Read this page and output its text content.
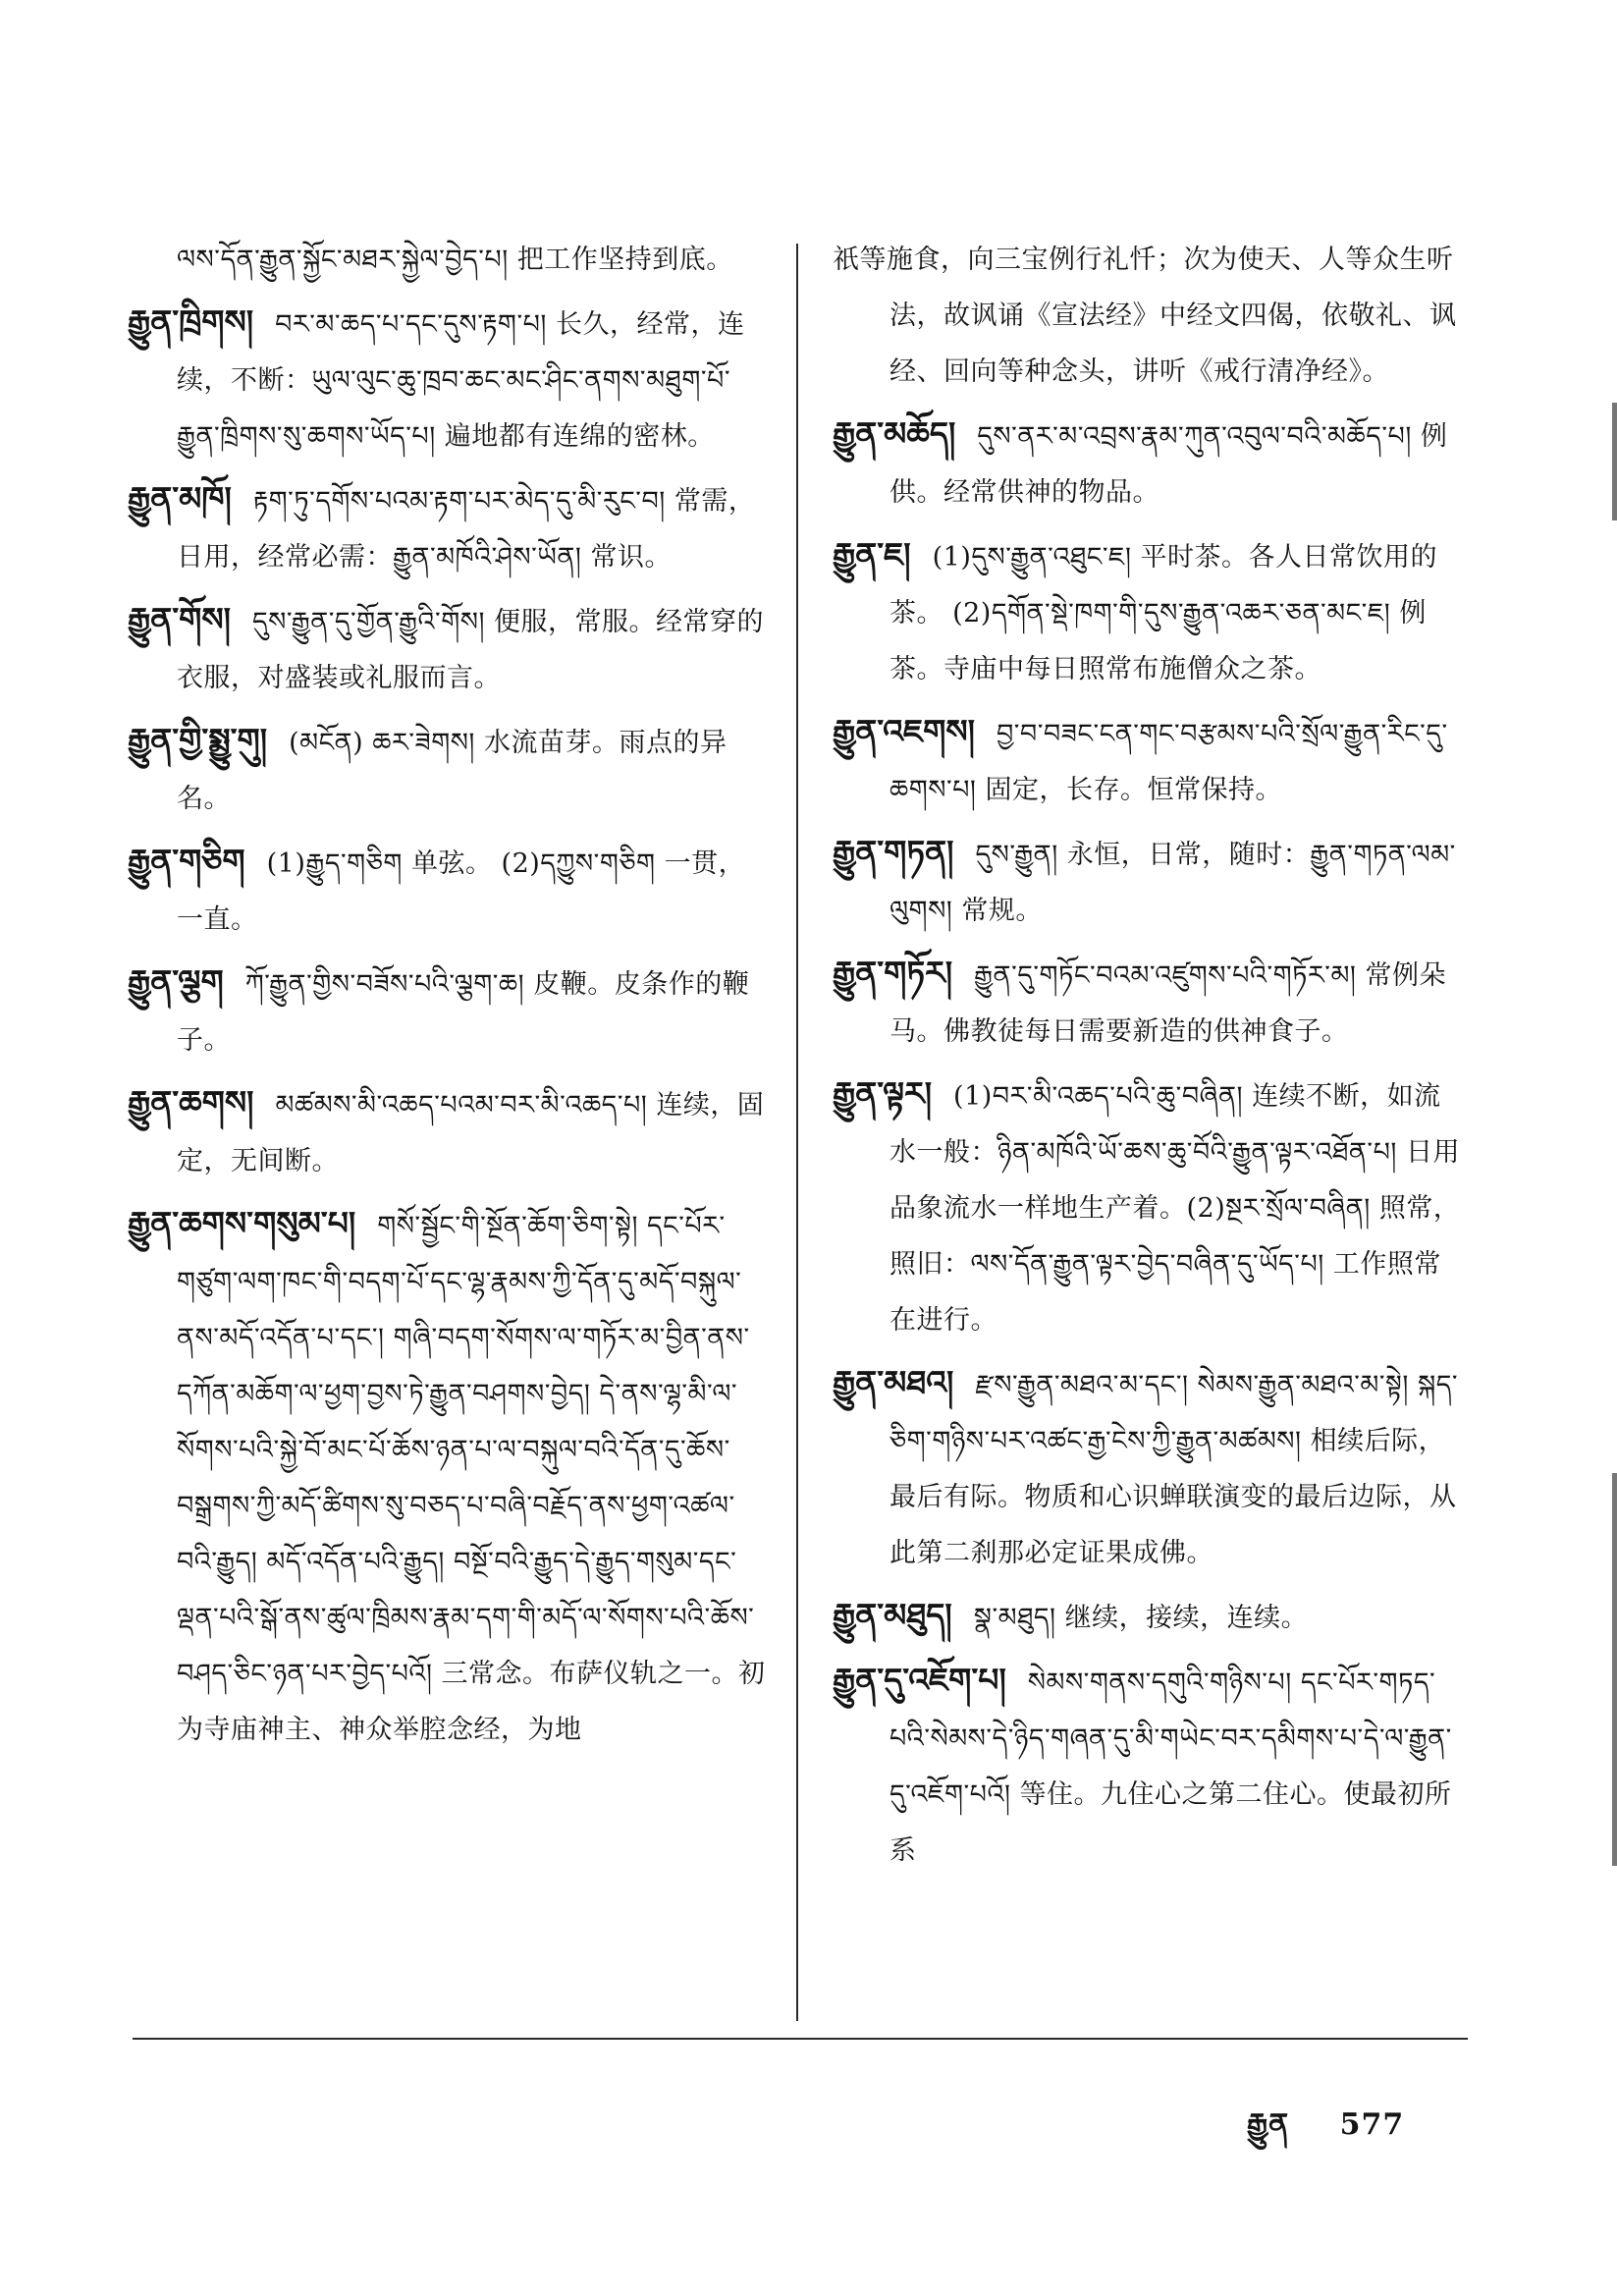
ལས་དོན་རྒྱུན་སྐྱོང་མཐར་སྐྱེལ་བྱེད་པ། 把工作坚持到底。
རྒྱུན་ཁྲིགས། བར་མ་ཆད་པ་དང་དུས་རྟག་པ། 长久，经常，连续，不断：ཡུལ་ལུང་ཆུ་ཁྲབ་ཆང་མང་ཤིང་ནགས་མཐུག་པོ་རྒྱུན་ཁྲིགས་སུ་ཆགས་ཡོད་པ། 遍地都有连绵的密林。
རྒྱུན་མཁོ། རྟག་ཏུ་དགོས་པའམ་རྟག་པར་མེད་དུ་མི་རུང་བ། 常需，日用，经常必需：རྒྱུན་མཁོའི་ཤེས་ཡོན། 常识。
རྒྱུན་གོས། དུས་རྒྱུན་དུ་གྱོན་རྒྱུའི་གོས། 便服，常服。经常穿的衣服，对盛装或礼服而言。
རྒྱུན་གྱི་སྨྱུ་གུ། (མངོན) ཆར་ཟེགས། 水流苗芽。雨点的异名。
རྒྱུན་གཅིག (1)རྒྱུད་གཅིག 单弦。 (2)དཀྱུས་གཅིག 一贯，一直。
རྒྱུན་ལྕག ཀོ་རྒྱུན་གྱིས་བཟོས་པའི་ལྕག་ཆ། 皮鞭。皮条作的鞭子。
རྒྱུན་ཆགས། མཚམས་མི་འཆད་པའམ་བར་མི་འཆད་པ། 连续，固定，无间断。
རྒྱུན་ཆགས་གསུམ་པ། གསོ་སྦྱོང་གི་སྔོན་ཆོག་ཅིག་སྟེ། དང་པོར་གཙུག་ལག་ཁང་གི་བདག་པོ་དང་ལྷ་རྣམས་ཀྱི་དོན་དུ་མདོ་བསྐུལ་ནས་མདོ་འདོན་པ་དང་། གཞི་བདག་སོགས་ལ་གཏོར་མ་བྱིན་ནས་དཀོན་མཆོག་ལ་ཕྱག་བྱས་ཏེ་རྒྱུན་བཤགས་བྱེད། དེ་ནས་ལྷ་མི་ལ་སོགས་པའི་སྐྱེ་བོ་མང་པོ་ཆོས་ཉན་པ་ལ་བསྐུལ་བའི་དོན་དུ་ཆོས་བསྒྲགས་ཀྱི་མདོ་ཚིགས་སུ་བཅད་པ་བཞི་བརྗོད་ནས་ཕྱག་འཚལ་བའི་རྒྱུད། མདོ་འདོན་པའི་རྒྱུད། བསྔོ་བའི་རྒྱུད་དེ་རྒྱུད་གསུམ་དང་ལྡན་པའི་སྒོ་ནས་ཚུལ་ཁྲིམས་རྣམ་དག་གི་མདོ་ལ་སོགས་པའི་ཆོས་བཤད་ཅིང་ཉན་པར་བྱེད་པའོ། 三常念。布萨仪轨之一。初为寺庙神主、神众举腔念经，为地
祇等施食，向三宝例行礼忏；次为使天、人等众生听法，故讽诵《宣法经》中经文四偈，依敬礼、讽经、回向等种念头，讲听《戒行清净经》。
རྒྱུན་མཆོད། དུས་ནར་མ་འབྲས་རྣམ་ཀུན་འབུལ་བའི་མཆོད་པ། 例供。经常供神的物品。
རྒྱུན་ཇ། (1)དུས་རྒྱུན་འཐུང་ཇ། 平时茶。各人日常饮用的茶。 (2)དགོན་སྡེ་ཁག་གི་དུས་རྒྱུན་འཆར་ཅན་མང་ཇ། 例茶。寺庙中每日照常布施僧众之茶。
རྒྱུན་འཇགས། བྱ་བ་བཟང་ངན་གང་བརྩམས་པའི་སྲོལ་རྒྱུན་རིང་དུ་ཆགས་པ། 固定，长存。恒常保持。
རྒྱུན་གཏན། དུས་རྒྱུན། 永恒，日常，随时：རྒྱུན་གཏན་ལམ་ལུགས། 常规。
རྒྱུན་གཏོར། རྒྱུན་དུ་གཏོང་བའམ་འཛུགས་པའི་གཏོར་མ། 常例朵马。佛教徒每日需要新造的供神食子。
རྒྱུན་ལྟར། (1)བར་མི་འཆད་པའི་ཆུ་བཞིན། 连续不断，如流水一般：ཉིན་མཁོའི་ཡོ་ཆས་ཆུ་བོའི་རྒྱུན་ལྟར་འཐོན་པ། 日用品象流水一样地生产着。(2)སྔར་སྲོལ་བཞིན། 照常，照旧：ལས་དོན་རྒྱུན་ལྟར་བྱེད་བཞིན་དུ་ཡོད་པ། 工作照常在进行。
རྒྱུན་མཐའ། རྫས་རྒྱུན་མཐའ་མ་དང་། སེམས་རྒྱུན་མཐའ་མ་སྟེ། སྐད་ཅིག་གཉིས་པར་འཚང་རྒྱ་ངེས་ཀྱི་རྒྱུན་མཚམས། 相续后际，最后有际。物质和心识蝉联演变的最后边际，从此第二刹那必定证果成佛。
རྒྱུན་མཐུད། སྣ་མཐུད། 继续，接续，连续。
རྒྱུན་དུ་འཇོག་པ། སེམས་གནས་དགུའི་གཉིས་པ། དང་པོར་གཏད་པའི་སེམས་དེ་ཉིད་གཞན་དུ་མི་གཡེང་བར་དམིགས་པ་དེ་ལ་རྒྱུན་དུ་འཇོག་པའོ། 等住。九住心之第二住心。使最初所系
རྒྱུན 577
